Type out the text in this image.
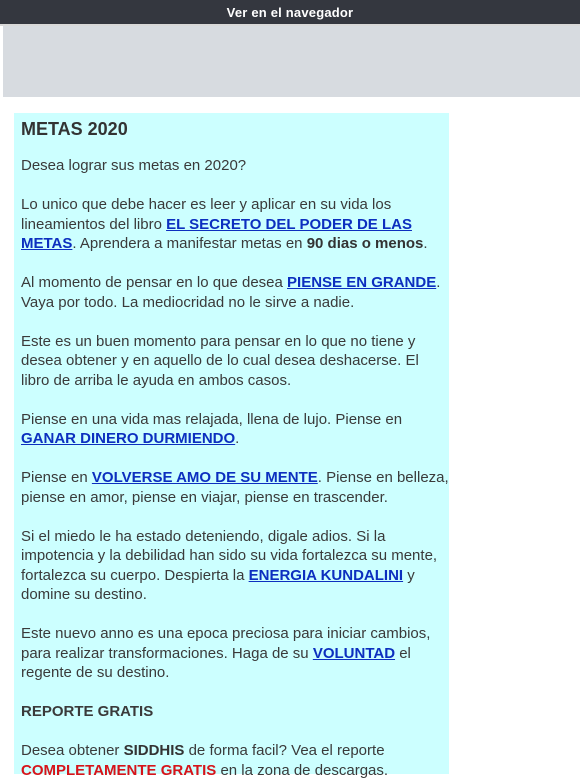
Ver en el navegador
METAS 2020

Desea lograr sus metas en 2020?

Lo unico que debe hacer es leer y aplicar en su vida los lineamientos del libro EL SECRETO DEL PODER DE LAS METAS. Aprendera a manifestar metas en 90 dias o menos.

Al momento de pensar en lo que desea PIENSE EN GRANDE. Vaya por todo. La mediocridad no le sirve a nadie.

Este es un buen momento para pensar en lo que no tiene y desea obtener y en aquello de lo cual desea deshacerse. El libro de arriba le ayuda en ambos casos.

Piense en una vida mas relajada, llena de lujo. Piense en GANAR DINERO DURMIENDO.

Piense en VOLVERSE AMO DE SU MENTE. Piense en belleza, piense en amor, piense en viajar, piense en trascender.

Si el miedo le ha estado deteniendo, digale adios. Si la impotencia y la debilidad han sido su vida fortalezca su mente, fortalezca su cuerpo. Despierta la ENERGIA KUNDALINI y domine su destino.

Este nuevo anno es una epoca preciosa para iniciar cambios, para realizar transformaciones. Haga de su VOLUNTAD el regente de su destino.

REPORTE GRATIS

Desea obtener SIDDHIS de forma facil? Vea el reporte COMPLETAMENTE GRATIS en la zona de descargas.
